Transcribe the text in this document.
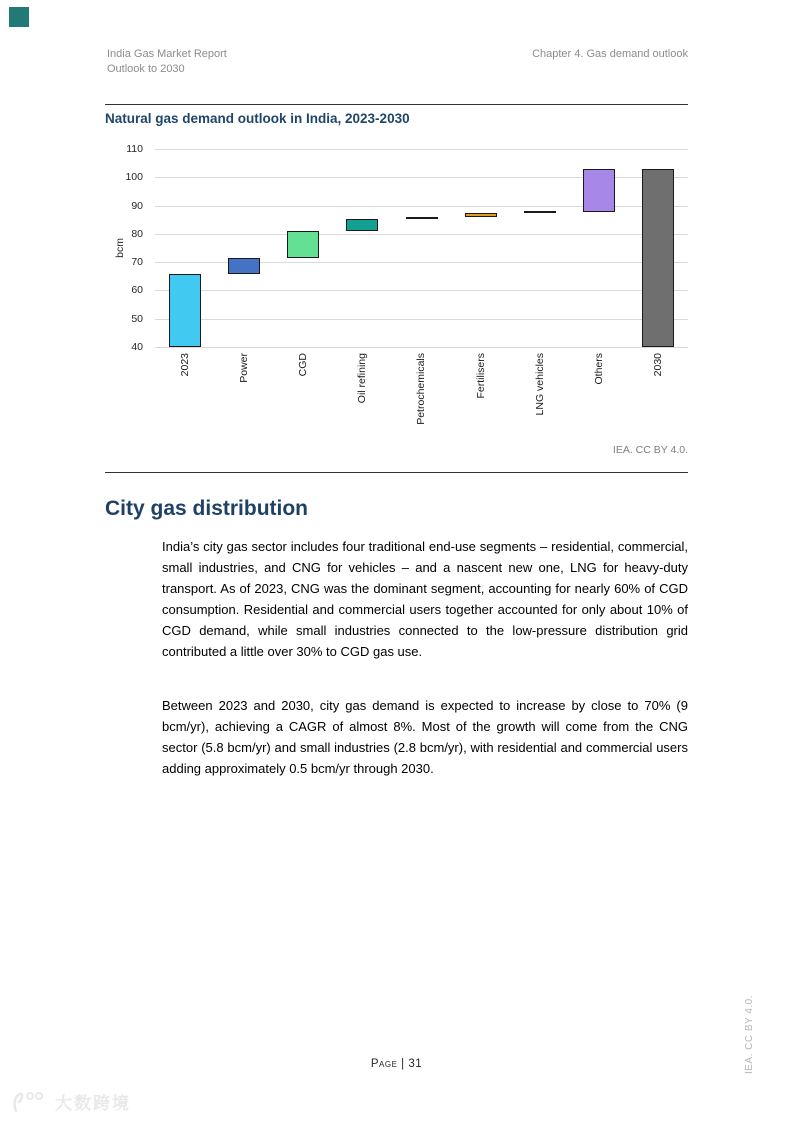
India Gas Market Report
Outlook to 2030
Chapter 4. Gas demand outlook
Natural gas demand outlook in India, 2023-2030
110
100
90
80
70
60
50
40
bcm
2023	Power	CGD	Oil refining	Petrochemicals	Fertilisers	LNG vehicles	Others	2030
IEA. CC BY 4.0.
City gas distribution

India’s city gas sector includes four traditional end-use segments – residential, commercial, small industries, and CNG for vehicles – and a nascent new one, LNG for heavy-duty transport. As of 2023, CNG was the dominant segment, accounting for nearly 60% of CGD consumption. Residential and commercial users together accounted for only about 10% of CGD demand, while small industries connected to the low-pressure distribution grid contributed a little over 30% to CGD gas use.

Between 2023 and 2030, city gas demand is expected to increase by close to 70% (9 bcm/yr), achieving a CAGR of almost 8%. Most of the growth will come from the CNG sector (5.8 bcm/yr) and small industries (2.8 bcm/yr), with residential and commercial users adding approximately 0.5 bcm/yr through 2030.

Page | 31	IEA. CC BY 4.0.
大数跨境
